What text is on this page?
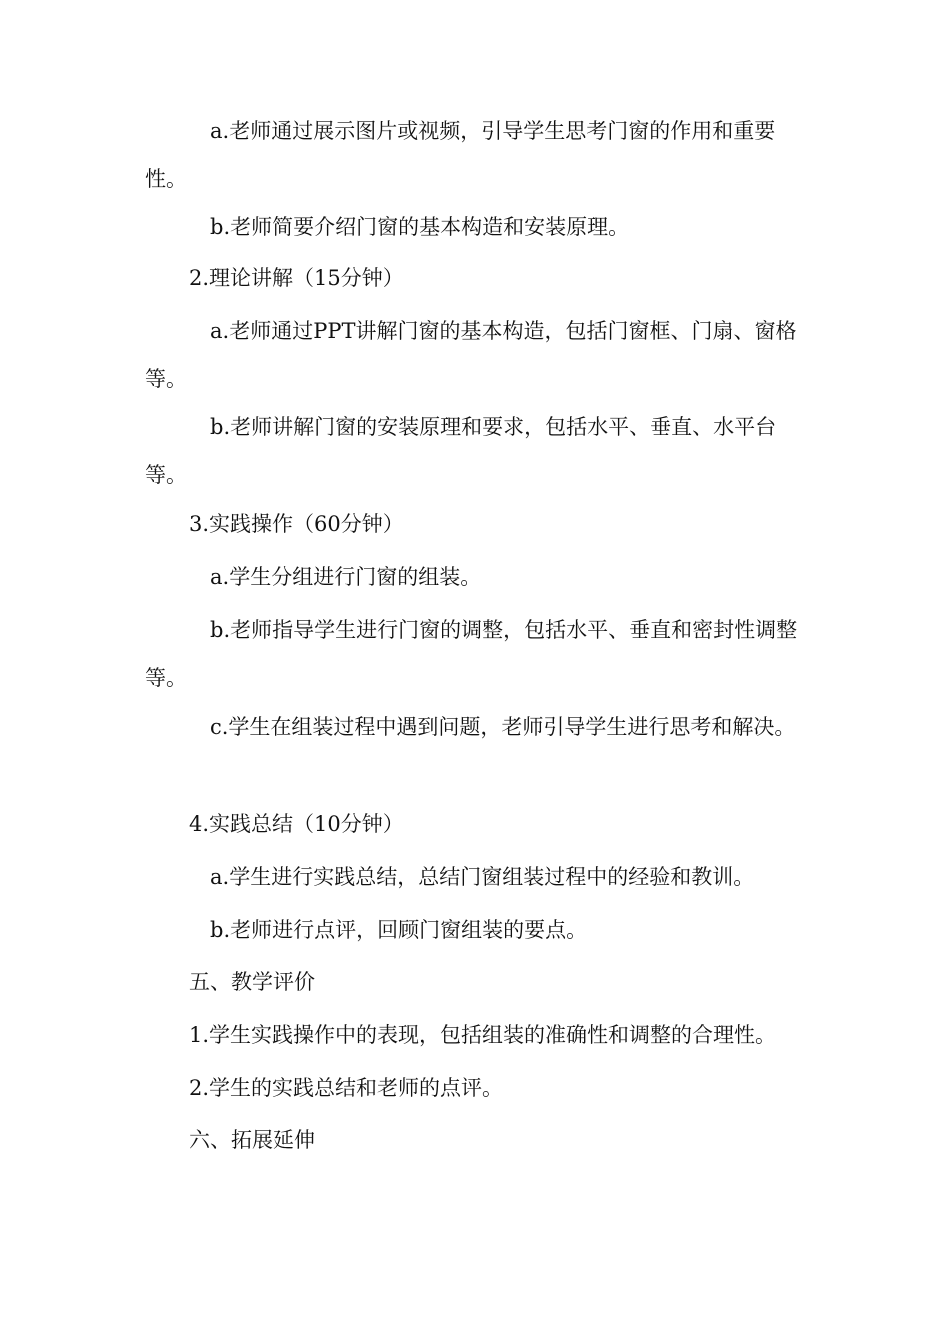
a.老师通过展示图片或视频，引导学生思考门窗的作用和重要性。

b.老师简要介绍门窗的基本构造和安装原理。

2.理论讲解（15分钟）

a.老师通过PPT讲解门窗的基本构造，包括门窗框、门扇、窗格等。

b.老师讲解门窗的安装原理和要求，包括水平、垂直、水平台等。

3.实践操作（60分钟）

a.学生分组进行门窗的组装。

b.老师指导学生进行门窗的调整，包括水平、垂直和密封性调整等。

c.学生在组装过程中遇到问题，老师引导学生进行思考和解决。

4.实践总结（10分钟）

a.学生进行实践总结，总结门窗组装过程中的经验和教训。

b.老师进行点评，回顾门窗组装的要点。

五、教学评价

1.学生实践操作中的表现，包括组装的准确性和调整的合理性。

2.学生的实践总结和老师的点评。

六、拓展延伸
